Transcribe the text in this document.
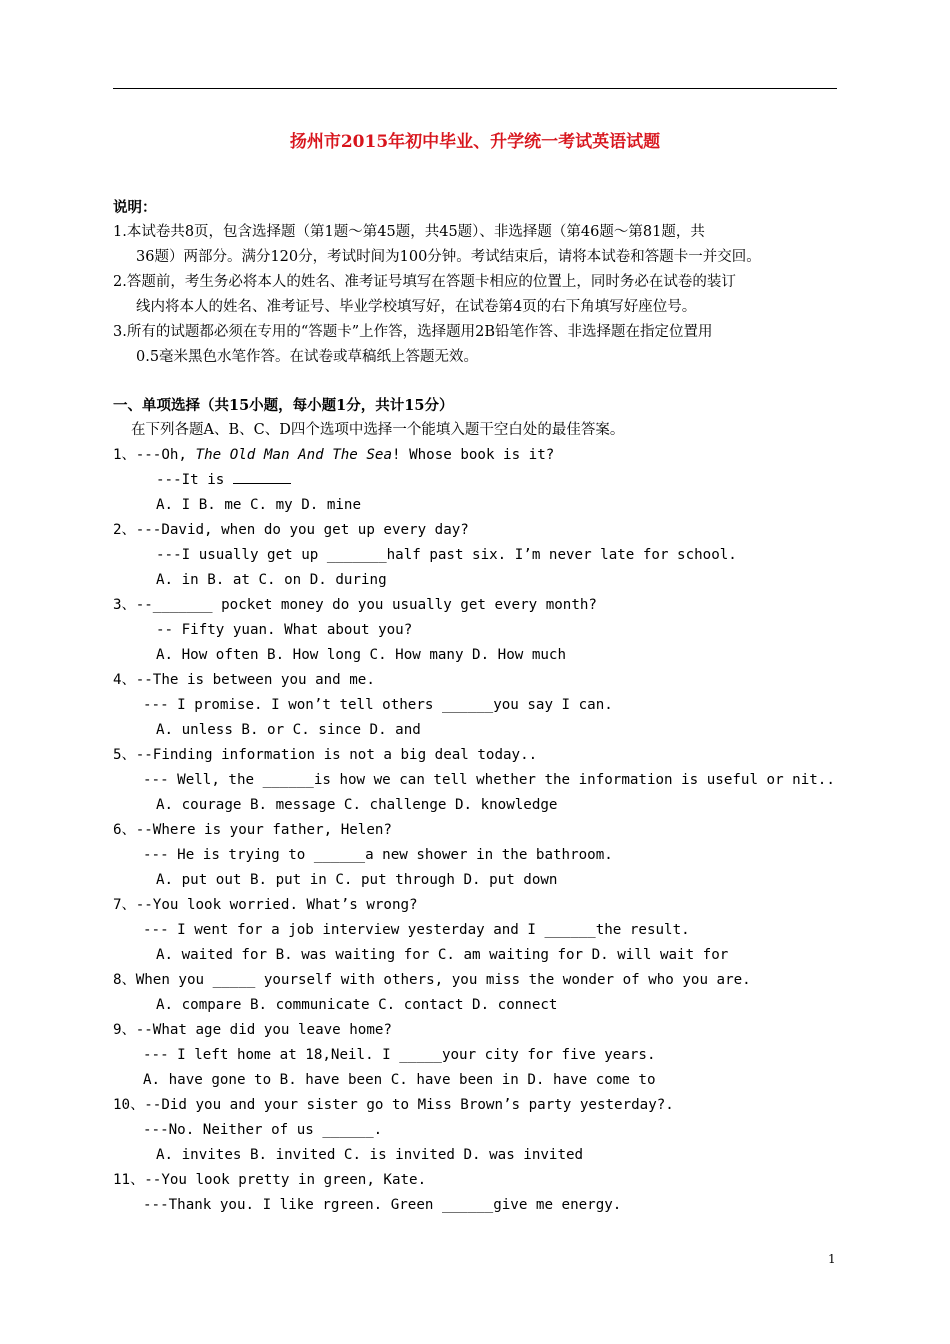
扬州市2015年初中毕业、升学统一考试英语试题
说明：
1.本试卷共8页，包含选择题（第1题～第45题，共45题）、非选择题（第46题～第81题，共
36题）两部分。满分120分，考试时间为100分钟。考试结束后，请将本试卷和答题卡一并交回。
2.答题前，考生务必将本人的姓名、准考证号填写在答题卡相应的位置上，同时务必在试卷的装订
线内将本人的姓名、准考证号、毕业学校填写好，在试卷第4页的右下角填写好座位号。
3.所有的试题都必须在专用的“答题卡”上作答，选择题用2B铅笔作答、非选择题在指定位置用
0.5毫米黑色水笔作答。在试卷或草稿纸上答题无效。
一、单项选择（共15小题，每小题1分，共计15分）
在下列各题A、B、C、D四个选项中选择一个能填入题干空白处的最佳答案。
1、---Oh, The Old Man And The Sea! Whose book is it?
---It is
A. I B. me C. my D. mine
2、---David, when do you get up every day?
---I usually get up _______half past six. I’m never late for school.
A. in B. at C. on D. during
3、--_______ pocket money do you usually get every month?
-- Fifty yuan. What about you?
A. How often B. How long C. How many D. How much
4、--The is between you and me.
--- I promise. I won’t tell others ______you say I can.
A. unless B. or C. since D. and
5、--Finding information is not a big deal today..
--- Well, the ______is how we can tell whether the information is useful or nit..
A. courage B. message C. challenge D. knowledge
6、--Where is your father, Helen?
--- He is trying to ______a new shower in the bathroom.
A. put out B. put in C. put through D. put down
7、--You look worried. What’s wrong?
--- I went for a job interview yesterday and I ______the result.
A. waited for B. was waiting for C. am waiting for D. will wait for
8、When you _____ yourself with others, you miss the wonder of who you are.
A. compare B. communicate C. contact D. connect
9、--What age did you leave home?
--- I left home at 18,Neil. I _____your city for five years.
A. have gone to B. have been C. have been in D. have come to
10、--Did you and your sister go to Miss Brown’s party yesterday?.
---No. Neither of us ______.
A. invites B. invited C. is invited D. was invited
11、--You look pretty in green, Kate.
---Thank you. I like rgreen. Green ______give me energy.
1
